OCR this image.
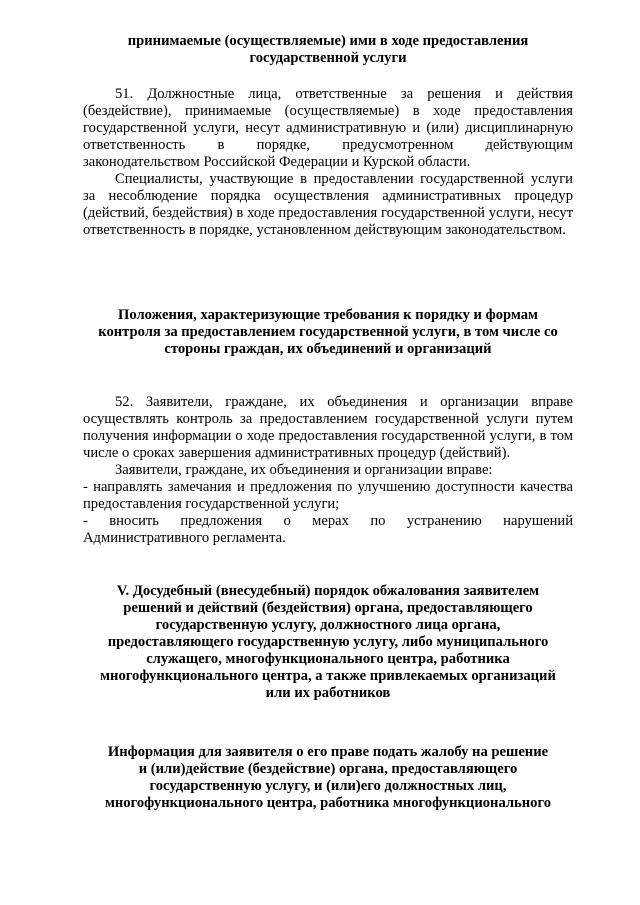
принимаемые (осуществляемые) ими в ходе предоставления
государственной услуги

51. Должностные лица, ответственные за решения и действия (бездействие), принимаемые (осуществляемые) в ходе предоставления государственной услуги, несут административную и (или) дисциплинарную ответственность в порядке, предусмотренном действующим законодательством Российской Федерации и Курской области.

Специалисты, участвующие в предоставлении государственной услуги за несоблюдение порядка осуществления административных процедур (действий, бездействия) в ходе предоставления государственной услуги, несут ответственность в порядке, установленном действующим законодательством.

Положения, характеризующие требования к порядку и формам
контроля за предоставлением государственной услуги, в том числе со
стороны граждан, их объединений и организаций

52. Заявители, граждане, их объединения и организации вправе осуществлять контроль за предоставлением государственной услуги путем получения информации о ходе предоставления государственной услуги, в том числе о сроках завершения административных процедур (действий).

Заявители, граждане, их объединения и организации вправе:

- направлять замечания и предложения по улучшению доступности качества предоставления государственной услуги;

- вносить предложения о мерах по устранению нарушений Административного регламента.

V. Досудебный (внесудебный) порядок обжалования заявителем
решений и действий (бездействия) органа, предоставляющего
государственную услугу, должностного лица органа,
предоставляющего государственную услугу, либо муниципального
служащего, многофункционального центра, работника
многофункционального центра, а также привлекаемых организаций
или их работников
Информация для заявителя о его праве подать жалобу на решение
и (или)действие (бездействие) органа, предоставляющего
государственную услугу, и (или)его должностных лиц,
многофункционального центра, работника многофункционального
